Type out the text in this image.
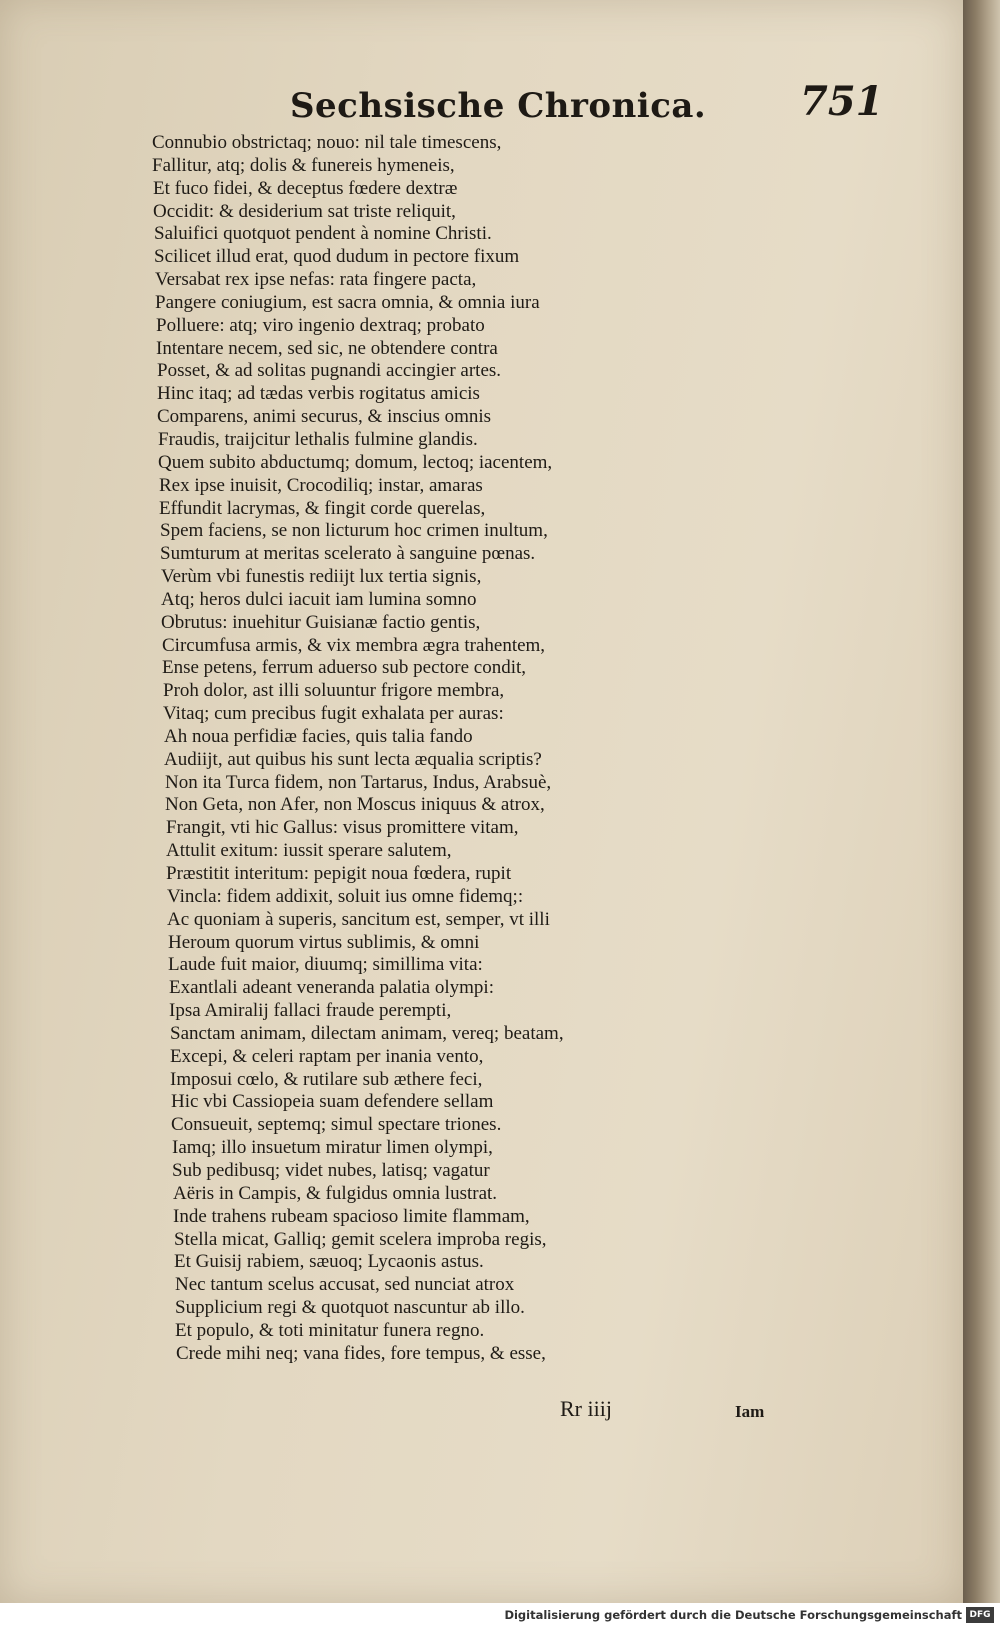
Sechsische Chronica. 751
Connubio obstrictaq; nouo: nil tale timescens,
Fallitur, atq; dolis & funereis hymeneis,
Et fuco fidei, & deceptus fœdere dextræ
Occidit: & desiderium sat triste reliquit,
Saluifici quotquot pendent à nomine Christi.
Scilicet illud erat, quod dudum in pectore fixum
Versabat rex ipse nefas: rata fingere pacta,
Pangere coniugium, est sacra omnia, & omnia iura
Polluere: atq; viro ingenio dextraq; probato
Intentare necem, sed sic, ne obtendere contra
Posset, & ad solitas pugnandi accingier artes.
Hinc itaq; ad tædas verbis rogitatus amicis
Comparens, animi securus, & inscius omnis
Fraudis, traijcitur lethalis fulmine glandis.
Quem subito abductumq; domum, lectoq; iacentem,
Rex ipse inuisit, Crocodiliq; instar, amaras
Effundit lacrymas, & fingit corde querelas,
Spem faciens, se non licturum hoc crimen inultum,
Sumturum at meritas scelerato à sanguine pœnas.
Verùm vbi funestis rediijt lux tertia signis,
Atq; heros dulci iacuit iam lumina somno
Obrutus: inuehitur Guisianæ factio gentis,
Circumfusa armis, & vix membra ægra trahentem,
Ense petens, ferrum aduerso sub pectore condit,
Proh dolor, ast illi soluuntur frigore membra,
Vitaq; cum precibus fugit exhalata per auras:
Ah noua perfidiæ facies, quis talia fando
Audiijt, aut quibus his sunt lecta æqualia scriptis?
Non ita Turca fidem, non Tartarus, Indus, Arabsuè,
Non Geta, non Afer, non Moscus iniquus & atrox,
Frangit, vti hic Gallus: visus promittere vitam,
Attulit exitum: iussit sperare salutem,
Præstitit interitum: pepigit noua fœdera, rupit
Vincla: fidem addixit, soluit ius omne fidemq;:
Ac quoniam à superis, sancitum est, semper, vt illi
Heroum quorum virtus sublimis, & omni
Laude fuit maior, diuumq; simillima vita:
Exantlali adeant veneranda palatia olympi:
Ipsa Amiralij fallaci fraude perempti,
Sanctam animam, dilectam animam, vereq; beatam,
Excepi, & celeri raptam per inania vento,
Imposui cœlo, & rutilare sub æthere feci,
Hic vbi Cassiopeia suam defendere sellam
Consueuit, septemq; simul spectare triones.
Iamq; illo insuetum miratur limen olympi,
Sub pedibusq; videt nubes, latisq; vagatur
Aëris in Campis, & fulgidus omnia lustrat.
Inde trahens rubeam spacioso limite flammam,
Stella micat, Galliq; gemit scelera improba regis,
Et Guisij rabiem, sæuoq; Lycaonis astus.
Nec tantum scelus accusat, sed nunciat atrox
Supplicium regi & quotquot nascuntur ab illo.
Et populo, & toti minitatur funera regno.
Crede mihi neq; vana fides, fore tempus, & esse,
Rr iiij	Iam
Digitalisierung gefördert durch die Deutsche Forschungsgemeinschaft DFG
